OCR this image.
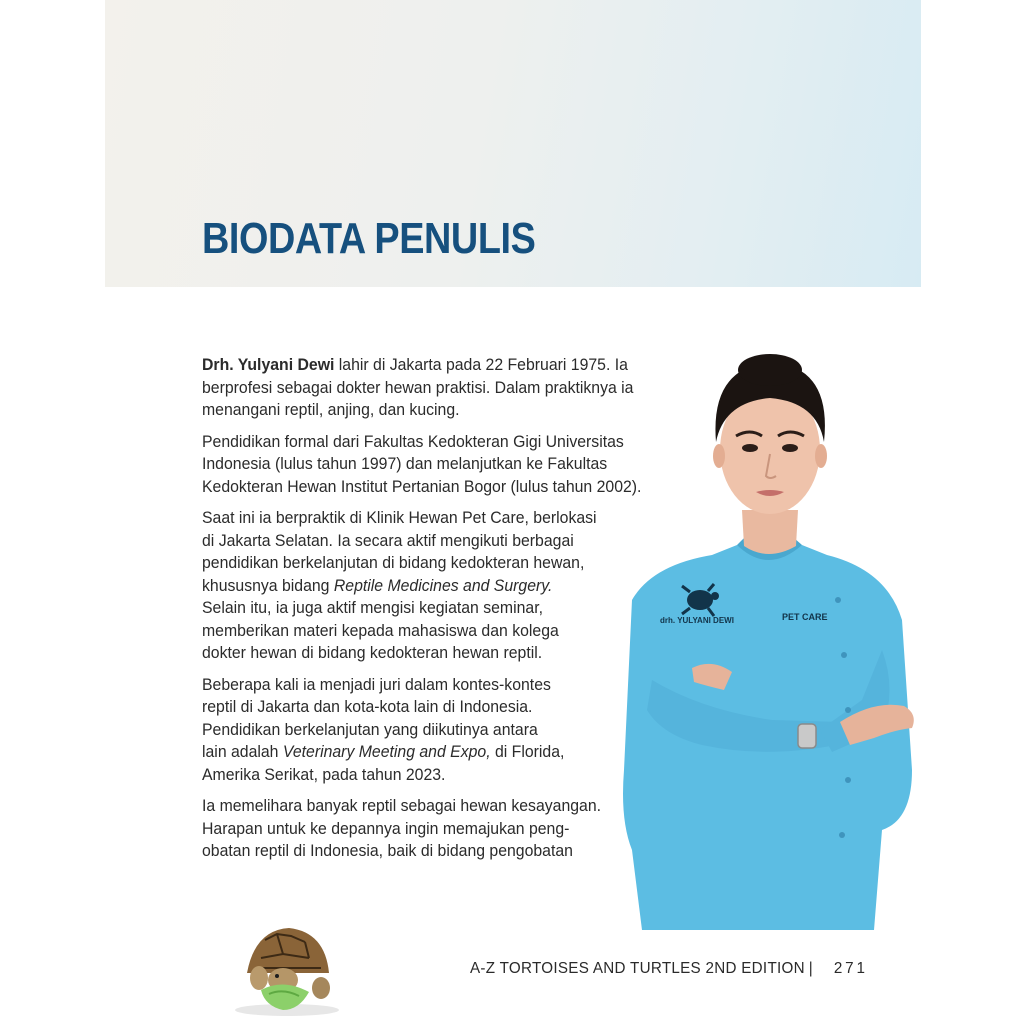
BIODATA PENULIS

Drh. Yulyani Dewi lahir di Jakarta pada 22 Februari 1975. Ia
berprofesi sebagai dokter hewan praktisi. Dalam praktiknya ia
menangani reptil, anjing, dan kucing.

Pendidikan formal dari Fakultas Kedokteran Gigi Universitas
Indonesia (lulus tahun 1997) dan melanjutkan ke Fakultas
Kedokteran Hewan Institut Pertanian Bogor (lulus tahun 2002).

Saat ini ia berpraktik di Klinik Hewan Pet Care, berlokasi
di Jakarta Selatan. Ia secara aktif mengikuti berbagai
pendidikan berkelanjutan di bidang kedokteran hewan,
khususnya bidang Reptile Medicines and Surgery.
Selain itu, ia juga aktif mengisi kegiatan seminar,
memberikan materi kepada mahasiswa dan kolega
dokter hewan di bidang kedokteran hewan reptil.

Beberapa kali ia menjadi juri dalam kontes-kontes
reptil di Jakarta dan kota-kota lain di Indonesia.
Pendidikan berkelanjutan yang diikutinya antara
lain adalah Veterinary Meeting and Expo, di Florida,
Amerika Serikat, pada tahun 2023.

Ia memelihara banyak reptil sebagai hewan kesayangan.
Harapan untuk ke depannya ingin memajukan peng-
obatan reptil di Indonesia, baik di bidang pengobatan

drh. YULYANI DEWI	PET CARE
A-Z TORTOISES AND TURTLES 2ND EDITION | 271
